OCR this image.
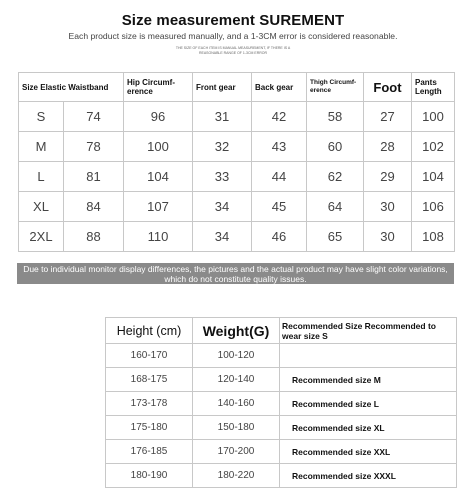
Size measurement SUREMENT
Each product size is measured manually, and a 1-3CM error is considered reasonable.
THE SIZE OF EACH ITEM IS MANUAL MEASUREMENT, IF THERE IS A
REASONABLE RANGE OF 1-3CM ERROR
Size Elastic Waistband		Hip Circumf-erence	Front gear	Back gear	Thigh Circumf-erence	Foot	Pants Length
S	74	96	31	42	58	27	100
M	78	100	32	43	60	28	102
L	81	104	33	44	62	29	104
XL	84	107	34	45	64	30	106
2XL	88	110	34	46	65	30	108
Due to individual monitor display differences, the pictures and the actual product may have slight color variations, which do not constitute quality issues.
Height (cm)	Weight(G)	Recommended Size Recommended to wear size S
160-170	100-120	
168-175	120-140	Recommended size M
173-178	140-160	Recommended size L
175-180	150-180	Recommended size XL
176-185	170-200	Recommended size XXL
180-190	180-220	Recommended size XXXL
